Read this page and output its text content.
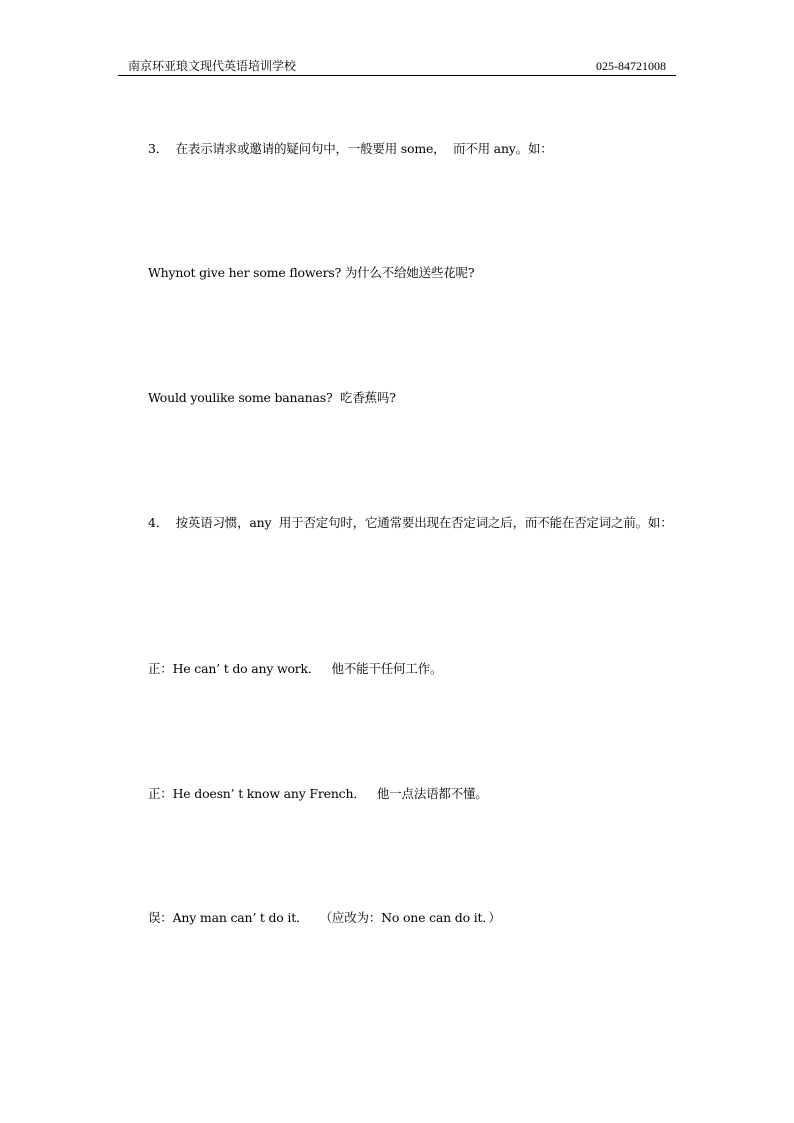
南京环亚琅文现代英语培训学校	025-84721008
3．  在表示请求或邀请的疑问句中，一般要用 some，  而不用 any。如：
Whynot give her some flowers? 为什么不给她送些花呢?
Would youlike some bananas?  吃香蕉吗?
4．  按英语习惯，any  用于否定句时，它通常要出现在否定词之后，而不能在否定词之前。如：
正：He can’ t do any work．   他不能干任何工作。
正：He doesn’ t know any French．   他一点法语都不懂。
误：Any man can’ t do it．   （应改为：No one can do it．）
